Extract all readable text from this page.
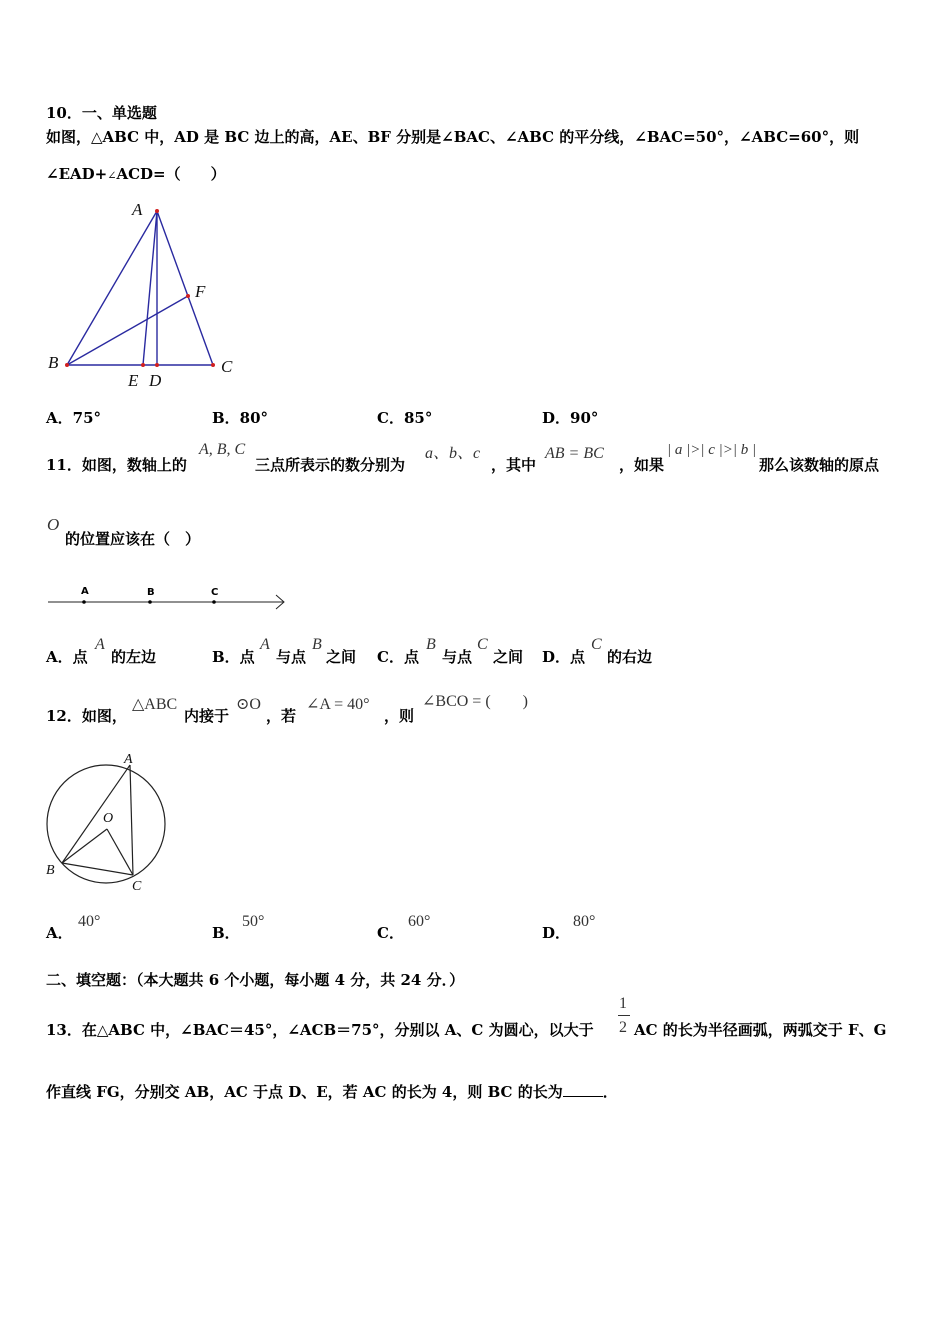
10．一、单选题
如图，△ABC 中，AD 是 BC 边上的高，AE、BF 分别是∠BAC、∠ABC 的平分线，∠BAC=50°，∠ABC=60°，则
∠EAD+∠ACD=（　　）
A
B	C
E D
F
A．75°	B．80°	C．85°	D．90°
11．如图，数轴上的
A, B, C
三点所表示的数分别为
a、b、c
，其中
AB = BC
，如果
| a |>| c |>| b |
那么该数轴的原点
O
的位置应该在（　）
A	B	C
A．点
A
的左边	B．点
A
与点
B
之间 C．点
B
与点
C
之间 D．点
C
的右边
12．如图，
△ABC
内接于
⊙O
，若
∠A = 40°
，则
∠BCO = (　　)
A
B
C
O
A．
40°
B．
50°
C．
60°
D．
80°
二、填空题：（本大题共 6 个小题，每小题 4 分，共 24 分．）
13．在△ABC 中，∠BAC＝45°，∠ACB＝75°，分别以 A、C 为圆心，以大于
1
2 AC 的长为半径画弧，两弧交于 F、G
作直线 FG，分别交 AB，AC 于点 D、E，若 AC 的长为 4，则 BC 的长为	．
